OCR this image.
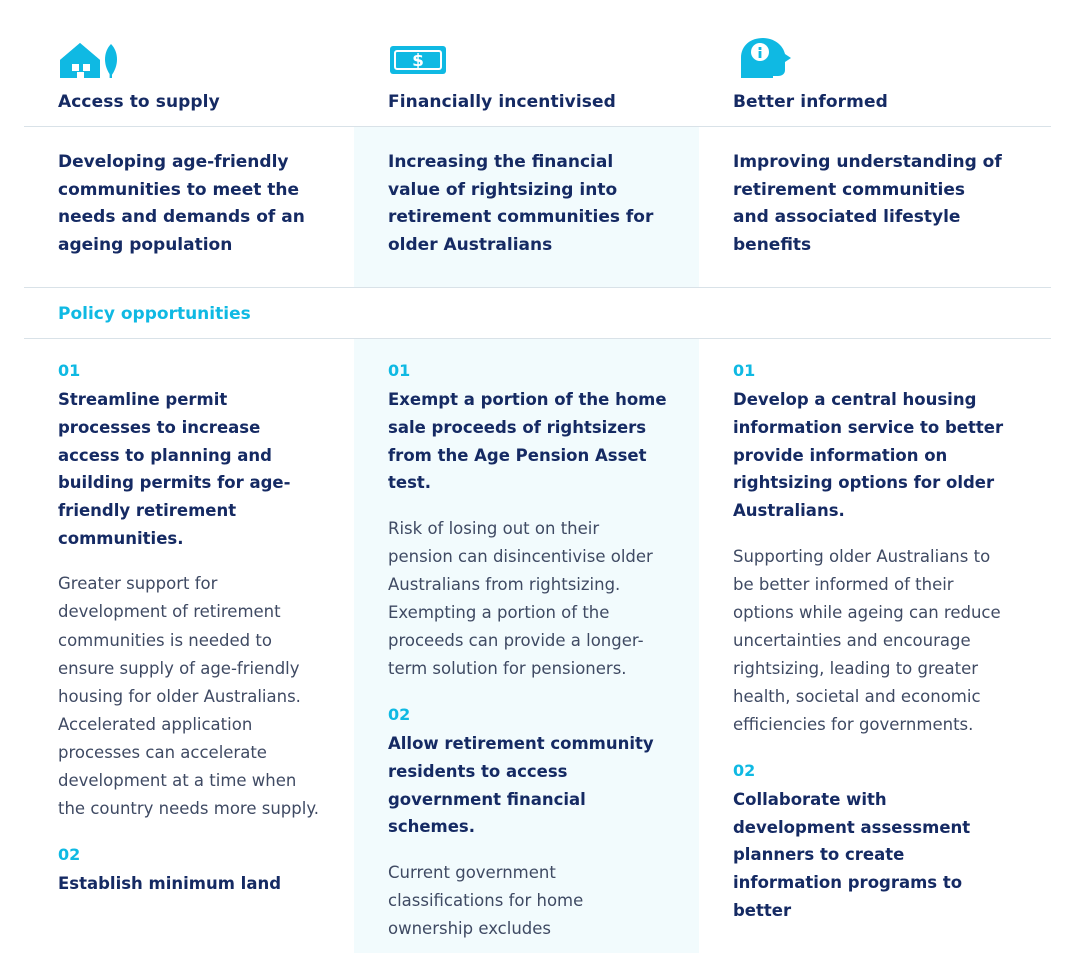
Access to supply
$
Financially incentivised	Better informed
Developing age-friendly communities to meet the needs and demands of an ageing population
Increasing the financial value of rightsizing into retirement communities for older Australians
Improving understanding of retirement communities and associated lifestyle benefits
Policy opportunities
01
Streamline permit processes to increase access to planning and building permits for age-friendly retirement communities.
Greater support for development of retirement communities is needed to ensure supply of age-friendly housing for older Australians. Accelerated application processes can accelerate development at a time when the country needs more supply.
02
Establish minimum land
01
Exempt a portion of the home sale proceeds of rightsizers from the Age Pension Asset test.
Risk of losing out on their pension can disincentivise older Australians from rightsizing. Exempting a portion of the proceeds can provide a longer-term solution for pensioners.
02
Allow retirement community residents to access government financial schemes.
Current government classifications for home ownership excludes
01
Develop a central housing information service to better provide information on rightsizing options for older Australians.
Supporting older Australians to be better informed of their options while ageing can reduce uncertainties and encourage rightsizing, leading to greater health, societal and economic efficiencies for governments.
02
Collaborate with development assessment planners to create information programs to better
